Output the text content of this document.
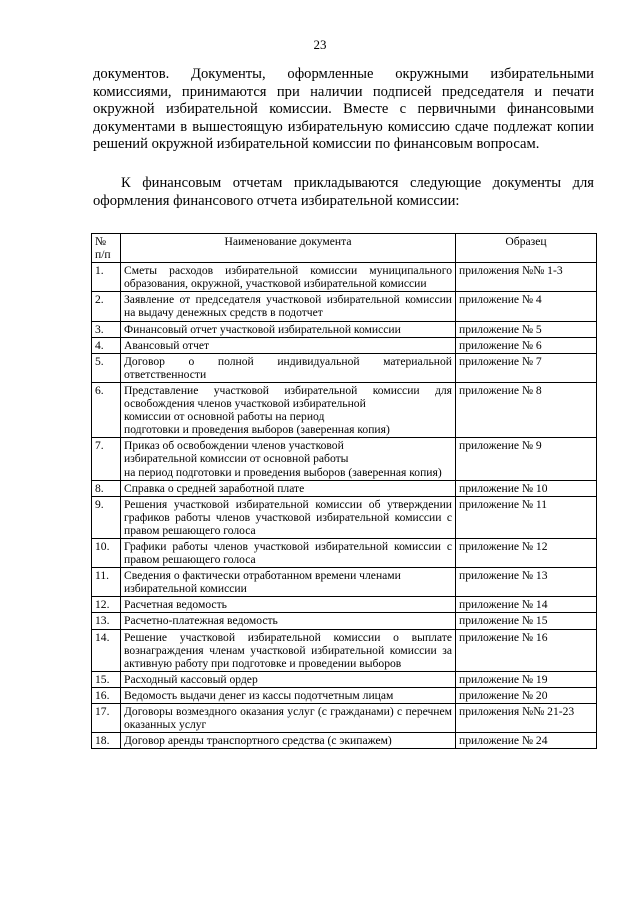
23

документов. Документы, оформленные окружными избирательными комиссиями, принимаются при наличии подписей председателя и печати окружной избирательной комиссии. Вместе с первичными финансовыми документами в вышестоящую избирательную комиссию сдаче подлежат копии решений окружной избирательной комиссии по финансовым вопросам.

К финансовым отчетам прикладываются следующие документы для оформления финансового отчета избирательной комиссии:

№
п/п	Наименование документа	Образец
1.	Сметы расходов избирательной комиссии муниципального образования, окружной, участковой избирательной комиссии	приложения №№ 1-3
2.	Заявление от председателя участковой избирательной комиссии на выдачу денежных средств в подотчет	приложение № 4
3.	Финансовый отчет участковой избирательной комиссии	приложение № 5
4.	Авансовый отчет	приложение № 6
5.	Договор о полной индивидуальной материальной ответственности	приложение № 7
6.	Представление участковой избирательной комиссии для освобождения членов участковой избирательной
комиссии от основной работы на период
подготовки и проведения выборов (заверенная копия)	приложение № 8
7.	Приказ об освобождении членов участковой
избирательной комиссии от основной работы
на период подготовки и проведения выборов (заверенная копия)	приложение № 9
8.	Справка о средней заработной плате	приложение № 10
9.	Решения участковой избирательной комиссии об утверждении графиков работы членов участковой избирательной комиссии с правом решающего голоса	приложение № 11
10.	Графики работы членов участковой избирательной комиссии с правом решающего голоса	приложение № 12
11.	Сведения о фактически отработанном времени членами
избирательной комиссии	приложение № 13
12.	Расчетная ведомость	приложение № 14
13.	Расчетно-платежная ведомость	приложение № 15
14.	Решение участковой избирательной комиссии о выплате вознаграждения членам участковой избирательной комиссии за активную работу при подготовке и проведении выборов	приложение № 16
15.	Расходный кассовый ордер	приложение № 19
16.	Ведомость выдачи денег из кассы подотчетным лицам	приложение № 20
17.	Договоры возмездного оказания услуг (с гражданами) с перечнем оказанных услуг	приложения №№ 21-23
18.	Договор аренды транспортного средства (с экипажем)	приложение № 24
